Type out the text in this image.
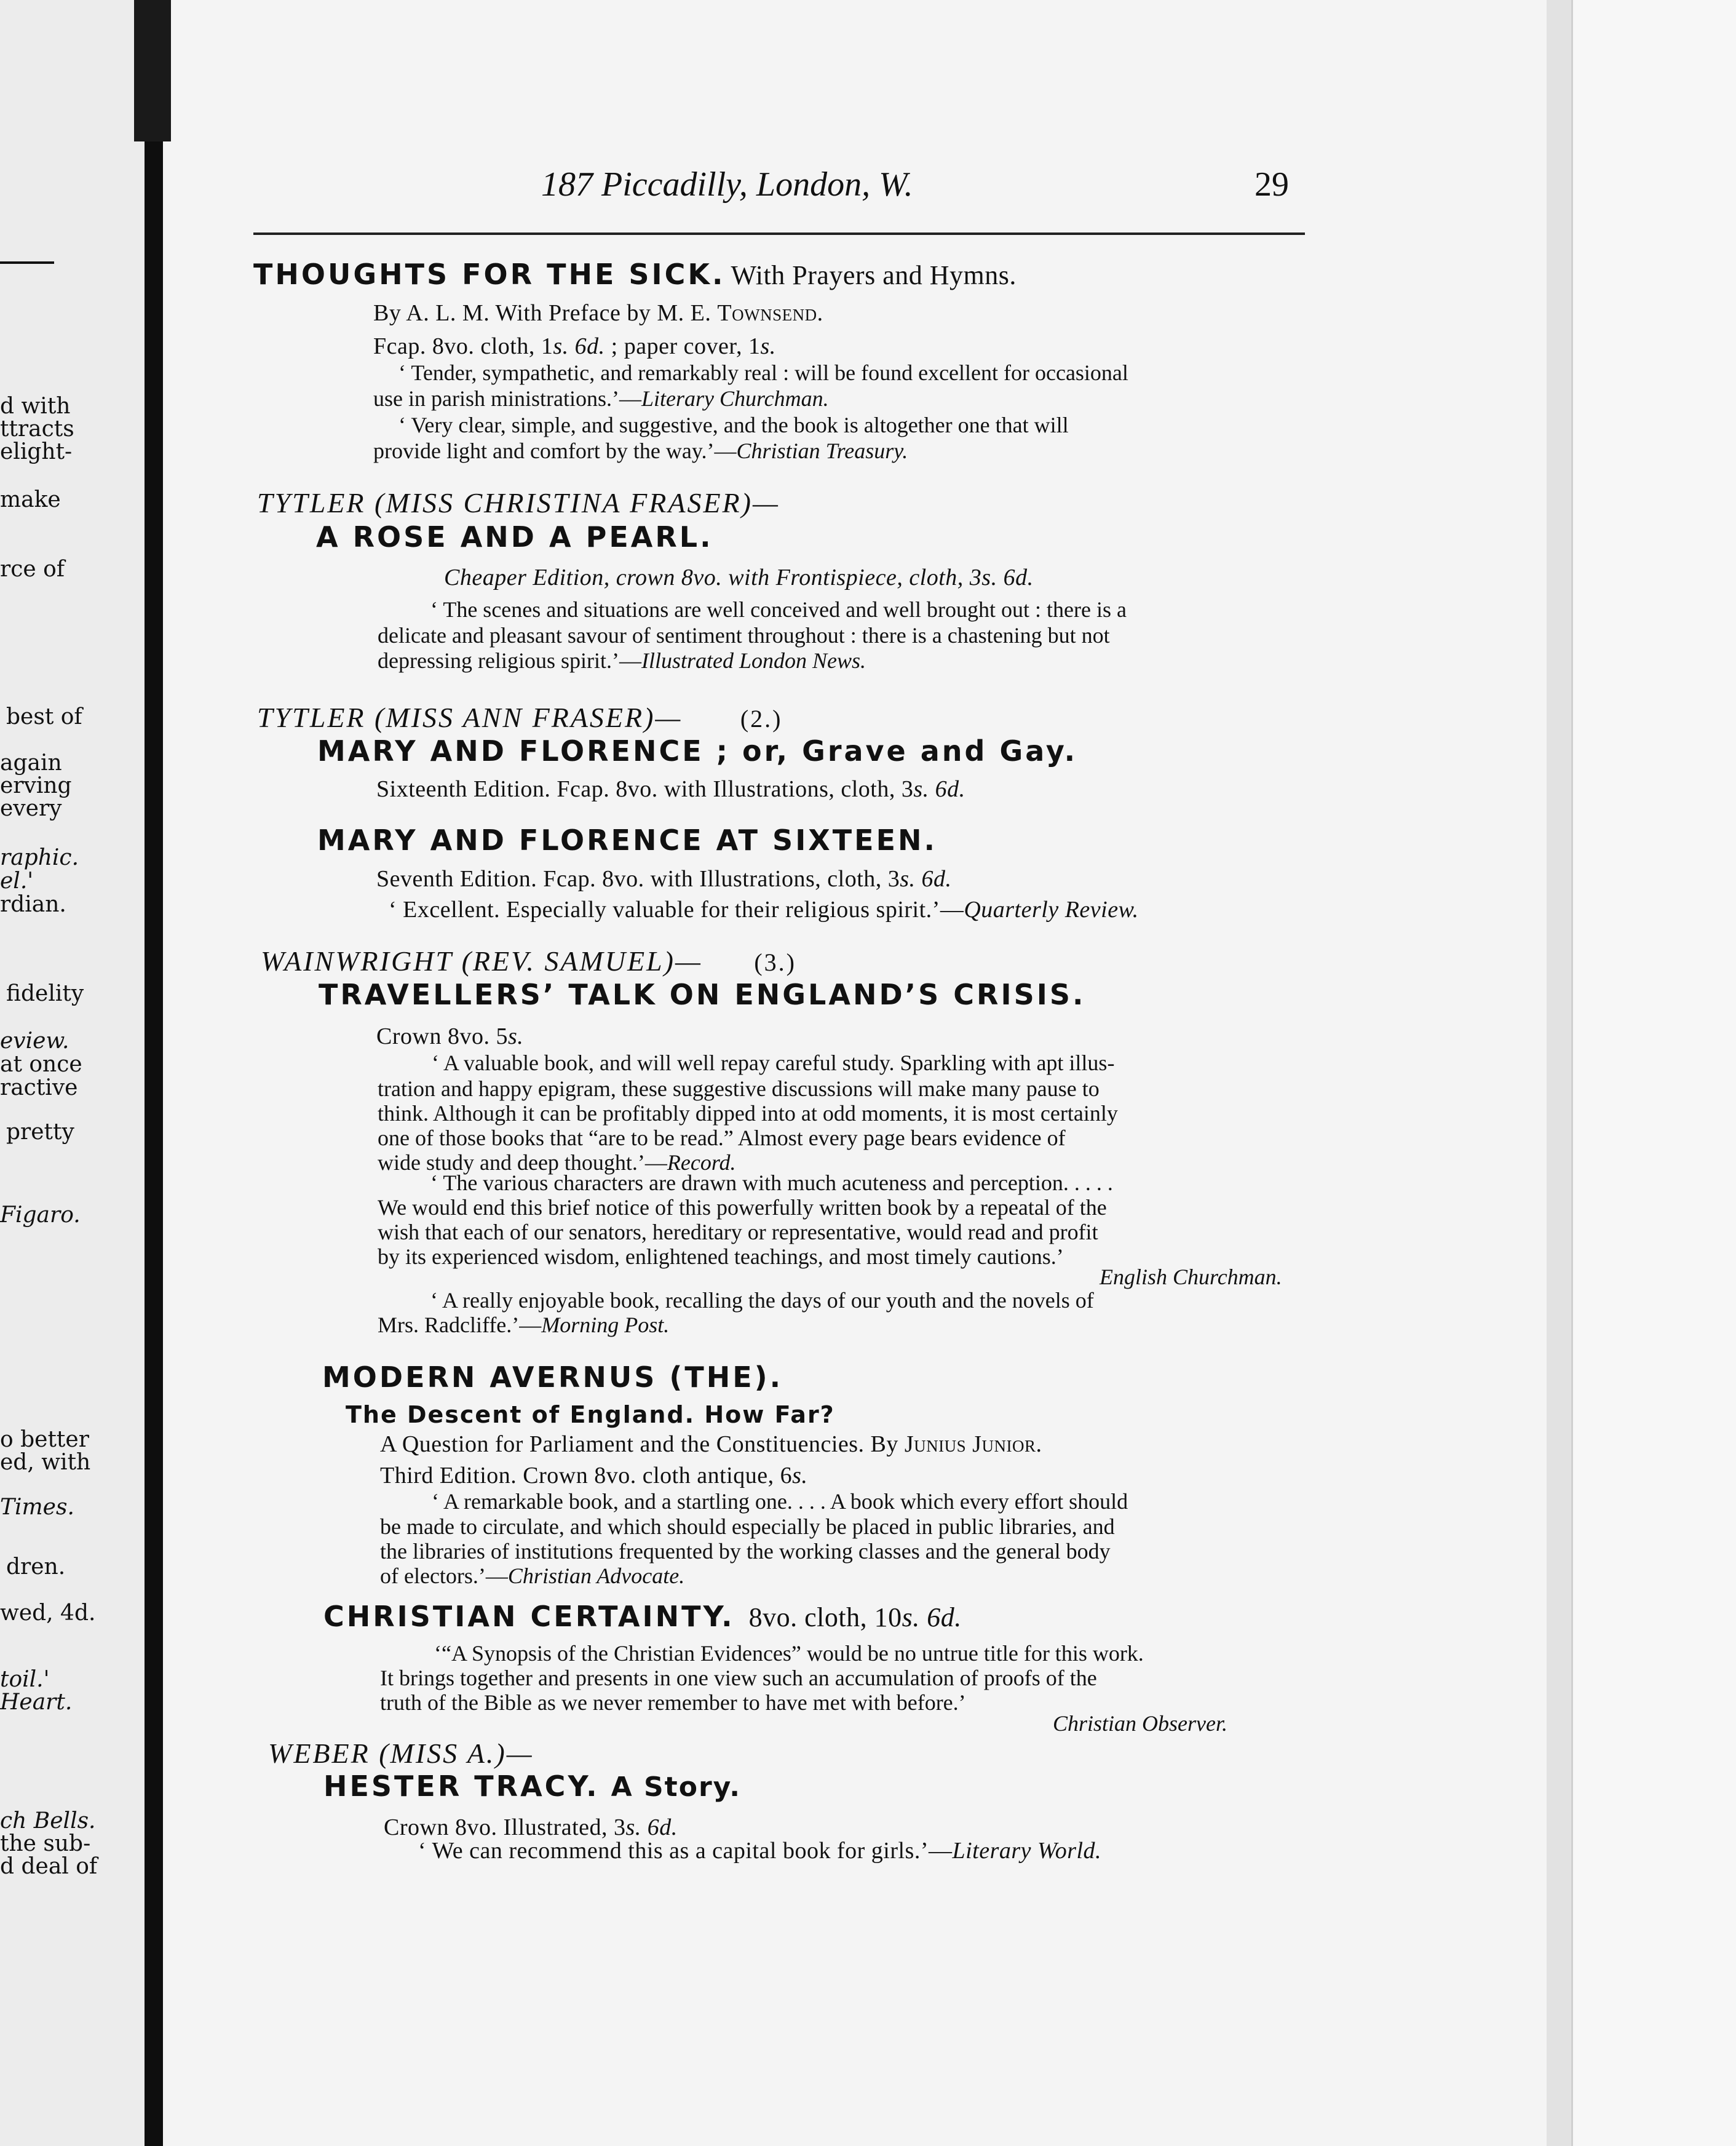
d with
ttracts
elight-
make
rce of
best of
again
erving
every
raphic.
el.'
rdian.
fidelity
eview.
at once
ractive
pretty
Figaro.
o better
ed, with
Times.
dren.
wed, 4d.
toil.'
Heart.
ch Bells.
the sub-
d deal of
187 Piccadilly, London, W.	29
THOUGHTS FOR THE SICK. With Prayers and Hymns.
By A. L. M. With Preface by M. E. Townsend.
Fcap. 8vo. cloth, 1s. 6d. ; paper cover, 1s.
‘ Tender, sympathetic, and remarkably real : will be found excellent for occasional
use in parish ministrations.’—Literary Churchman.
‘ Very clear, simple, and suggestive, and the book is altogether one that will
provide light and comfort by the way.’—Christian Treasury.
TYTLER (MISS CHRISTINA FRASER)—
A ROSE AND A PEARL.
Cheaper Edition, crown 8vo. with Frontispiece, cloth, 3s. 6d.
‘ The scenes and situations are well conceived and well brought out : there is a
delicate and pleasant savour of sentiment throughout : there is a chastening but not
depressing religious spirit.’—Illustrated London News.
TYTLER (MISS ANN FRASER)— (2.)
MARY AND FLORENCE ; or, Grave and Gay.
Sixteenth Edition. Fcap. 8vo. with Illustrations, cloth, 3s. 6d.
MARY AND FLORENCE AT SIXTEEN.
Seventh Edition. Fcap. 8vo. with Illustrations, cloth, 3s. 6d.
‘ Excellent. Especially valuable for their religious spirit.’—Quarterly Review.
WAINWRIGHT (REV. SAMUEL)— (3.)
TRAVELLERS’ TALK ON ENGLAND’S CRISIS.
Crown 8vo. 5s.
‘ A valuable book, and will well repay careful study. Sparkling with apt illus-
tration and happy epigram, these suggestive discussions will make many pause to
think. Although it can be profitably dipped into at odd moments, it is most certainly
one of those books that “are to be read.” Almost every page bears evidence of
wide study and deep thought.’—Record.
‘ The various characters are drawn with much acuteness and perception. . . . .
We would end this brief notice of this powerfully written book by a repeatal of the
wish that each of our senators, hereditary or representative, would read and profit
by its experienced wisdom, enlightened teachings, and most timely cautions.’
English Churchman.
‘ A really enjoyable book, recalling the days of our youth and the novels of
Mrs. Radcliffe.’—Morning Post.
MODERN AVERNUS (THE).
The Descent of England. How Far?
A Question for Parliament and the Constituencies. By Junius Junior.
Third Edition. Crown 8vo. cloth antique, 6s.
‘ A remarkable book, and a startling one. . . . A book which every effort should
be made to circulate, and which should especially be placed in public libraries, and
the libraries of institutions frequented by the working classes and the general body
of electors.’—Christian Advocate.
CHRISTIAN CERTAINTY. 8vo. cloth, 10s. 6d.
‘“A Synopsis of the Christian Evidences” would be no untrue title for this work.
It brings together and presents in one view such an accumulation of proofs of the
truth of the Bible as we never remember to have met with before.’
Christian Observer.
WEBER (MISS A.)—
HESTER TRACY. A Story.
Crown 8vo. Illustrated, 3s. 6d.
‘ We can recommend this as a capital book for girls.’—Literary World.
